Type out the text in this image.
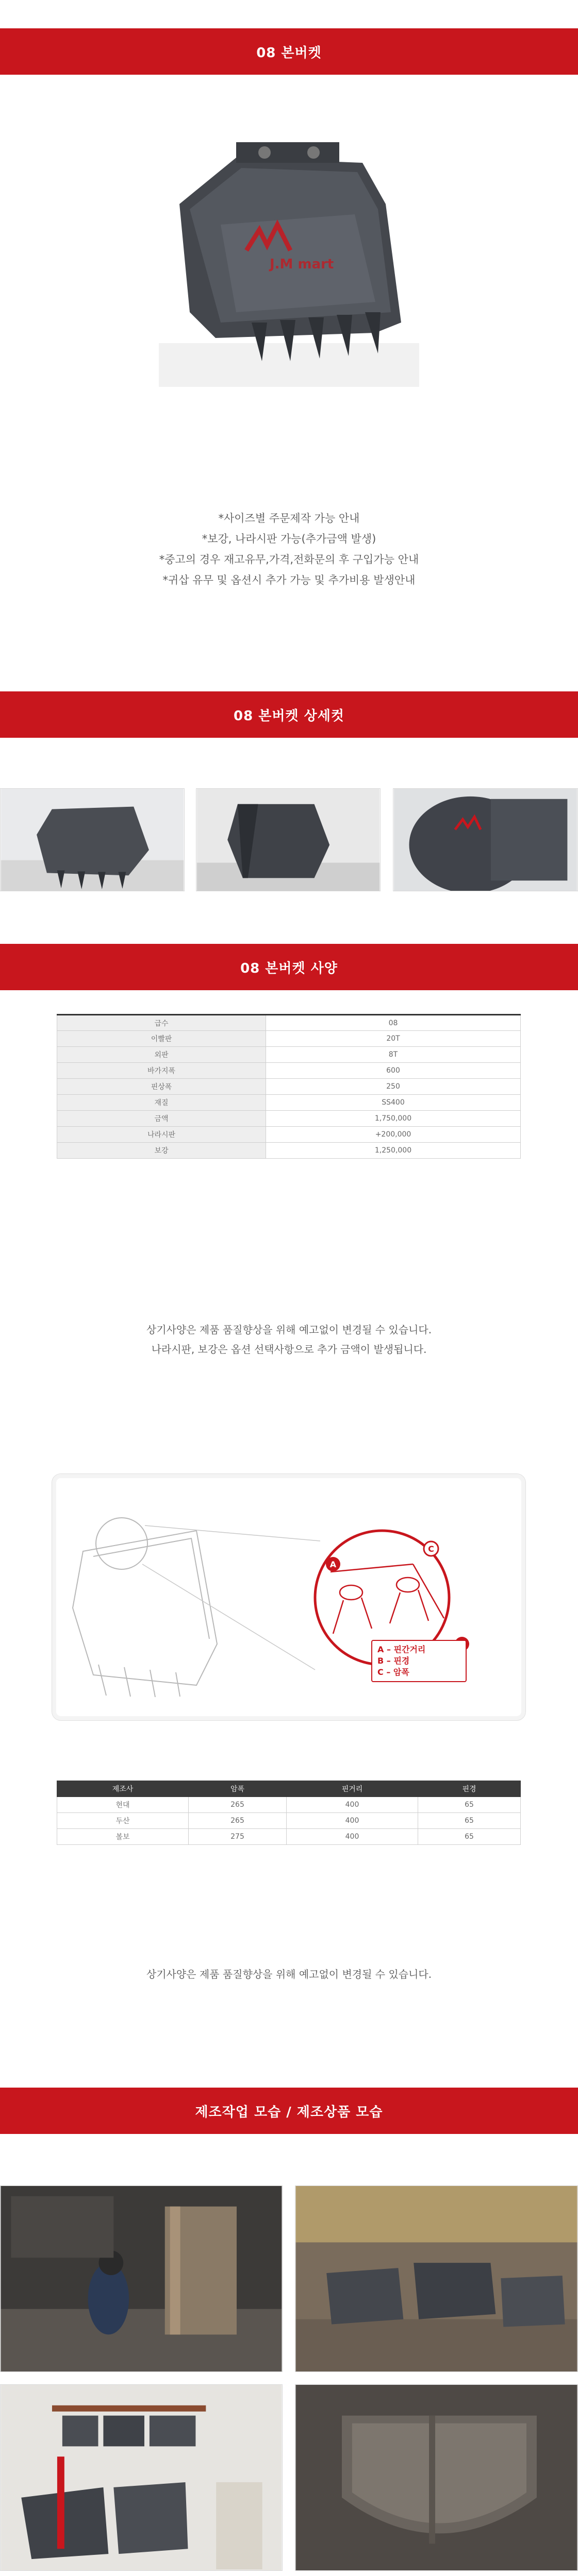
08 본버켓
J.M mart
*사이즈별 주문제작 가능 안내
*보강, 나라시판 가능(추가금액 발생)
*중고의 경우 재고유무,가격,전화문의 후 구입가능 안내
*귀삽 유무 및 옵션시 추가 가능 및 추가비용 발생안내
08 본버켓 상세컷
08 본버켓 사양
급수	08
이빨판	20T
외판	8T
바가지폭	600
핀상폭	250
재질	SS400
금액	1,750,000
나라시판	+200,000
보강	1,250,000
상기사양은 제품 품질향상을 위해 예고없이 변경될 수 있습니다.
나라시판, 보강은 옵션 선택사항으로 추가 금액이 발생됩니다.
A
C
A – 핀간거리
B – 핀경
C – 암폭
제조사	암폭	핀거리	핀경
현대	265	400	65
두산	265	400	65
볼보	275	400	65
상기사양은 제품 품질향상을 위해 예고없이 변경될 수 있습니다.
제조작업 모습 / 제조상품 모습
